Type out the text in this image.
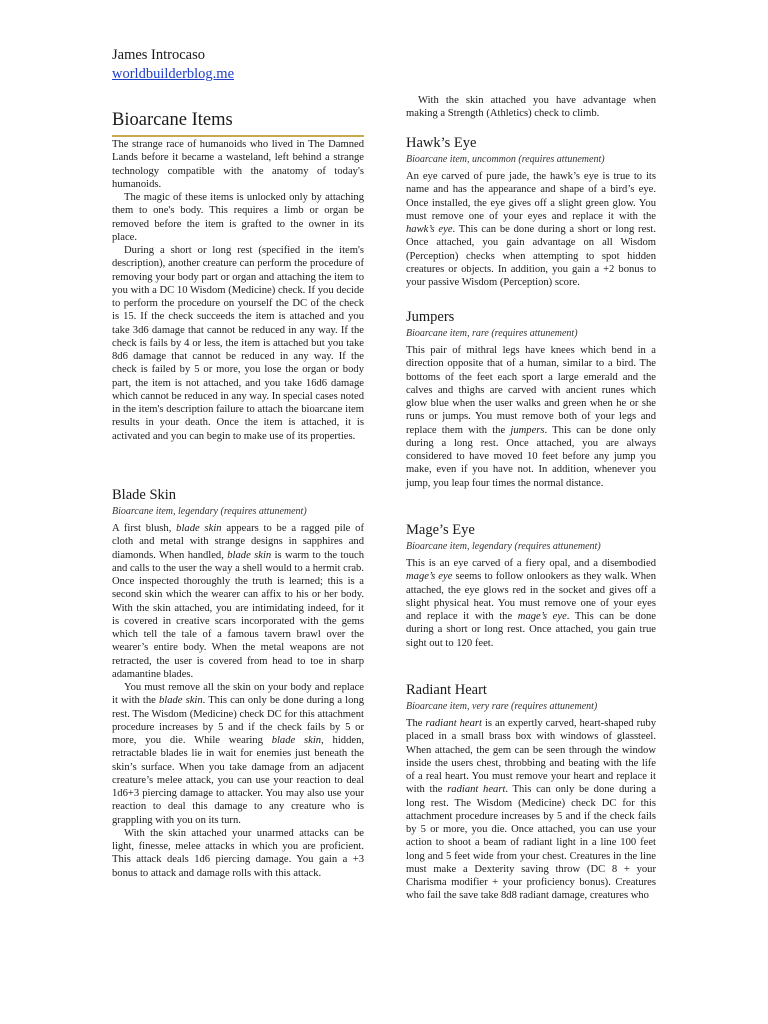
James Introcaso
worldbuilderblog.me
Bioarcane Items

The strange race of humanoids who lived in The Damned Lands before it became a wasteland, left behind a strange technology compatible with the anatomy of today's humanoids.

The magic of these items is unlocked only by attaching them to one's body. This requires a limb or organ be removed before the item is grafted to the owner in its place.

During a short or long rest (specified in the item's description), another creature can perform the procedure of removing your body part or organ and attaching the item to you with a DC 10 Wisdom (Medicine) check. If you decide to perform the procedure on yourself the DC of the check is 15. If the check succeeds the item is attached and you take 3d6 damage that cannot be reduced in any way. If the check is fails by 4 or less, the item is attached but you take 8d6 damage that cannot be reduced in any way. If the check is failed by 5 or more, you lose the organ or body part, the item is not attached, and you take 16d6 damage which cannot be reduced in any way. In special cases noted in the item's description failure to attach the bioarcane item results in your death. Once the item is attached, it is activated and you can begin to make use of its properties.

Blade Skin
Bioarcane item, legendary (requires attunement)

A first blush, blade skin appears to be a ragged pile of cloth and metal with strange designs in sapphires and diamonds. When handled, blade skin is warm to the touch and calls to the user the way a shell would to a hermit crab. Once inspected thoroughly the truth is learned; this is a second skin which the wearer can affix to his or her body. With the skin attached, you are intimidating indeed, for it is covered in creative scars incorporated with the gems which tell the tale of a famous tavern brawl over the wearer’s entire body. When the metal weapons are not retracted, the user is covered from head to toe in sharp adamantine blades.

You must remove all the skin on your body and replace it with the blade skin. This can only be done during a long rest. The Wisdom (Medicine) check DC for this attachment procedure increases by 5 and if the check fails by 5 or more, you die. While wearing blade skin, hidden, retractable blades lie in wait for enemies just beneath the skin’s surface. When you take damage from an adjacent creature’s melee attack, you can use your reaction to deal 1d6+3 piercing damage to attacker. You may also use your reaction to deal this damage to any creature who is grappling with you on its turn.

With the skin attached your unarmed attacks can be light, finesse, melee attacks in which you are proficient. This attack deals 1d6 piercing damage. You gain a +3 bonus to attack and damage rolls with this attack.

With the skin attached you have advantage when making a Strength (Athletics) check to climb.

Hawk’s Eye
Bioarcane item, uncommon (requires attunement)

An eye carved of pure jade, the hawk’s eye is true to its name and has the appearance and shape of a bird’s eye. Once installed, the eye gives off a slight green glow. You must remove one of your eyes and replace it with the hawk’s eye. This can be done during a short or long rest. Once attached, you gain advantage on all Wisdom (Perception) checks when attempting to spot hidden creatures or objects. In addition, you gain a +2 bonus to your passive Wisdom (Perception) score.

Jumpers
Bioarcane item, rare (requires attunement)

This pair of mithral legs have knees which bend in a direction opposite that of a human, similar to a bird. The bottoms of the feet each sport a large emerald and the calves and thighs are carved with ancient runes which glow blue when the user walks and green when he or she runs or jumps. You must remove both of your legs and replace them with the jumpers. This can be done only during a long rest. Once attached, you are always considered to have moved 10 feet before any jump you make, even if you have not. In addition, whenever you jump, you leap four times the normal distance.

Mage’s Eye
Bioarcane item, legendary (requires attunement)

This is an eye carved of a fiery opal, and a disembodied mage’s eye seems to follow onlookers as they walk. When attached, the eye glows red in the socket and gives off a slight physical heat. You must remove one of your eyes and replace it with the mage’s eye. This can be done during a short or long rest. Once attached, you gain true sight out to 120 feet.

Radiant Heart
Bioarcane item, very rare (requires attunement)

The radiant heart is an expertly carved, heart-shaped ruby placed in a small brass box with windows of glassteel. When attached, the gem can be seen through the window inside the users chest, throbbing and beating with the life of a real heart. You must remove your heart and replace it with the radiant heart. This can only be done during a long rest. The Wisdom (Medicine) check DC for this attachment procedure increases by 5 and if the check fails by 5 or more, you die. Once attached, you can use your action to shoot a beam of radiant light in a line 100 feet long and 5 feet wide from your chest. Creatures in the line must make a Dexterity saving throw (DC 8 + your Charisma modifier + your proficiency bonus). Creatures who fail the save take 8d8 radiant damage, creatures who
